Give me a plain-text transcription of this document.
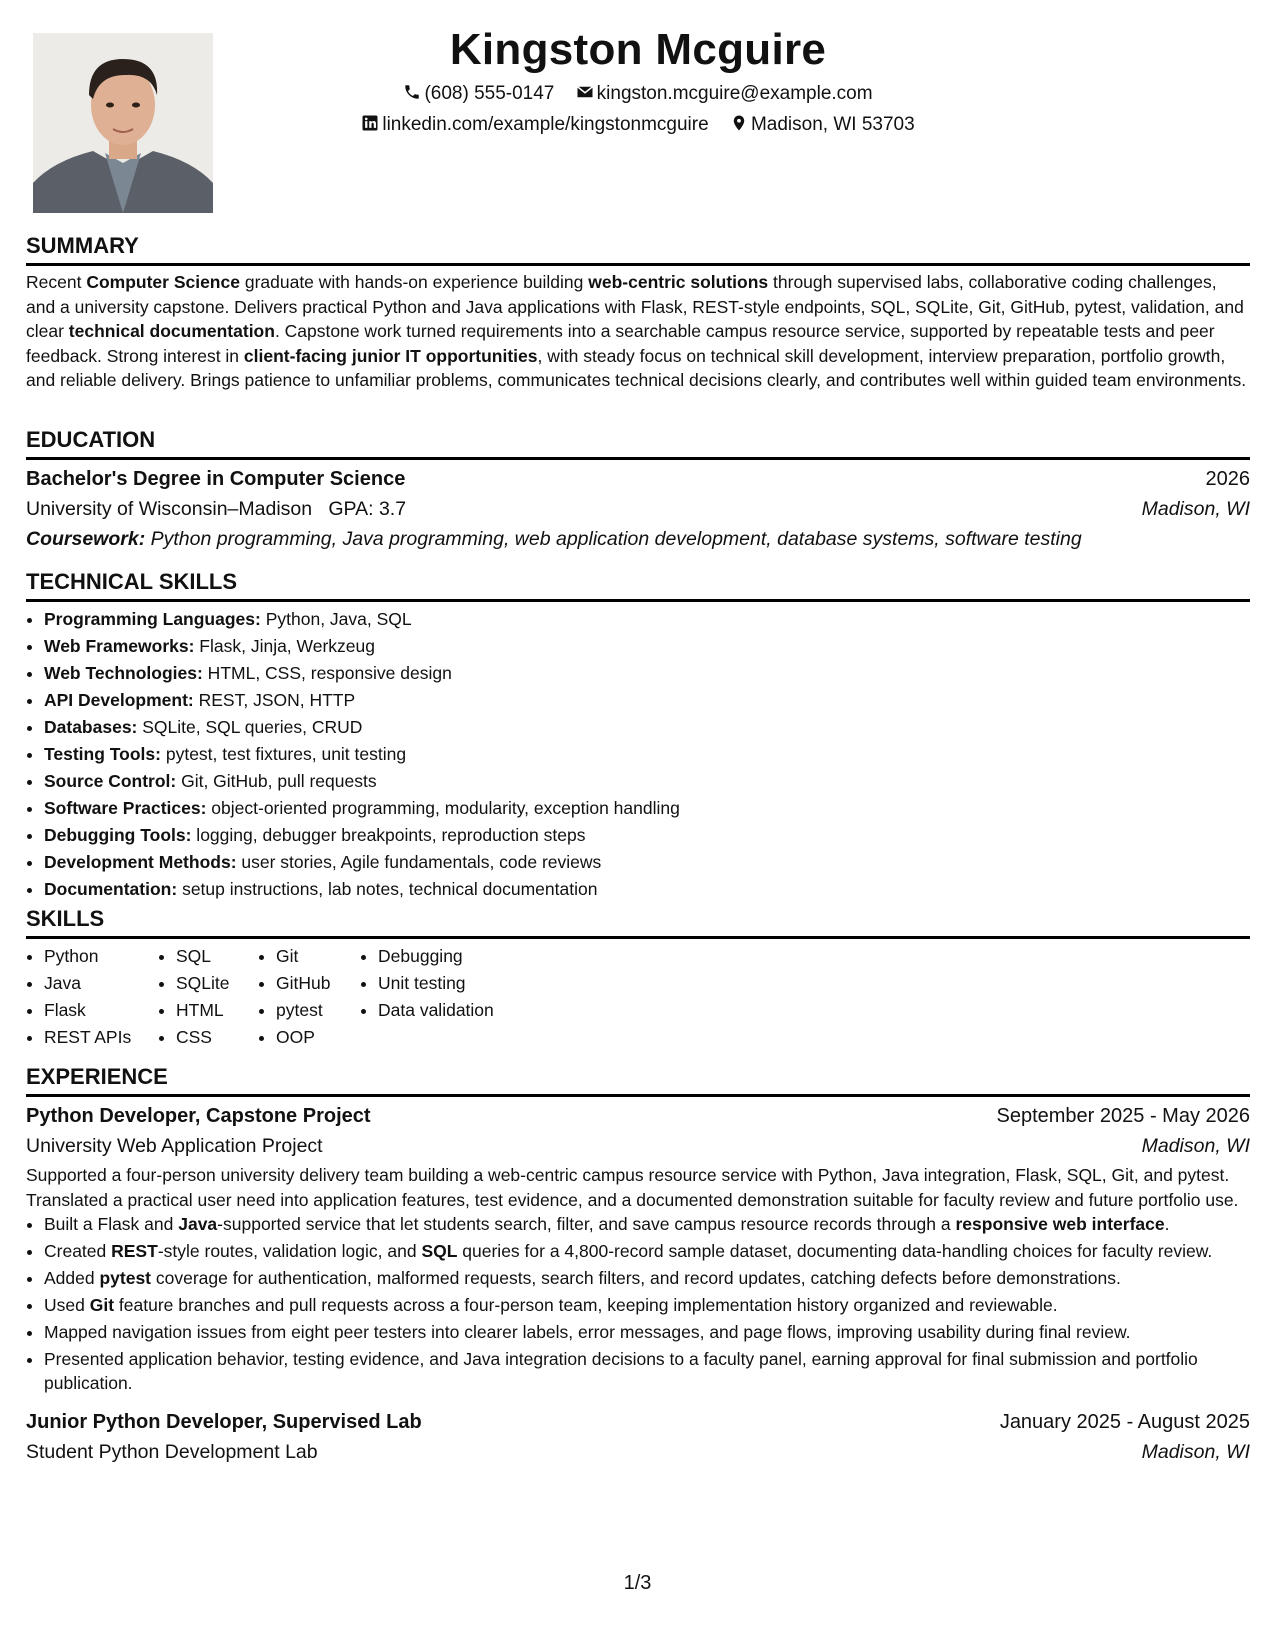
Kingston Mcguire
(608) 555-0147 kingston.mcguire@example.com
linkedin.com/example/kingstonmcguire Madison, WI 53703
SUMMARY

Recent Computer Science graduate with hands-on experience building web-centric solutions through supervised labs, collaborative coding challenges, and a university capstone. Delivers practical Python and Java applications with Flask, REST-style endpoints, SQL, SQLite, Git, GitHub, pytest, validation, and clear technical documentation. Capstone work turned requirements into a searchable campus resource service, supported by repeatable tests and peer feedback. Strong interest in client-facing junior IT opportunities, with steady focus on technical skill development, interview preparation, portfolio growth, and reliable delivery. Brings patience to unfamiliar problems, communicates technical decisions clearly, and contributes well within guided team environments.

EDUCATION
Bachelor's Degree in Computer Science	2026
University of Wisconsin–Madison GPA: 3.7	Madison, WI
Coursework: Python programming, Java programming, web application development, database systems, software testing
TECHNICAL SKILLS
• Programming Languages: Python, Java, SQL
• Web Frameworks: Flask, Jinja, Werkzeug
• Web Technologies: HTML, CSS, responsive design
• API Development: REST, JSON, HTTP
• Databases: SQLite, SQL queries, CRUD
• Testing Tools: pytest, test fixtures, unit testing
• Source Control: Git, GitHub, pull requests
• Software Practices: object-oriented programming, modularity, exception handling
• Debugging Tools: logging, debugger breakpoints, reproduction steps
• Development Methods: user stories, Agile fundamentals, code reviews
• Documentation: setup instructions, lab notes, technical documentation
SKILLS
• Python
• Java
• Flask
• REST APIs
• SQL
• SQLite
• HTML
• CSS
• Git
• GitHub
• pytest
• OOP
• Debugging
• Unit testing
• Data validation
EXPERIENCE
Python Developer, Capstone Project	September 2025 - May 2026
University Web Application Project	Madison, WI

Supported a four-person university delivery team building a web-centric campus resource service with Python, Java integration, Flask, SQL, Git, and pytest. Translated a practical user need into application features, test evidence, and a documented demonstration suitable for faculty review and future portfolio use.

• Built a Flask and Java-supported service that let students search, filter, and save campus resource records through a responsive web interface.
• Created REST-style routes, validation logic, and SQL queries for a 4,800-record sample dataset, documenting data-handling choices for faculty review.
• Added pytest coverage for authentication, malformed requests, search filters, and record updates, catching defects before demonstrations.
• Used Git feature branches and pull requests across a four-person team, keeping implementation history organized and reviewable.
• Mapped navigation issues from eight peer testers into clearer labels, error messages, and page flows, improving usability during final review.
• Presented application behavior, testing evidence, and Java integration decisions to a faculty panel, earning approval for final submission and portfolio publication.
Junior Python Developer, Supervised Lab	January 2025 - August 2025
Student Python Development Lab	Madison, WI
1/3
